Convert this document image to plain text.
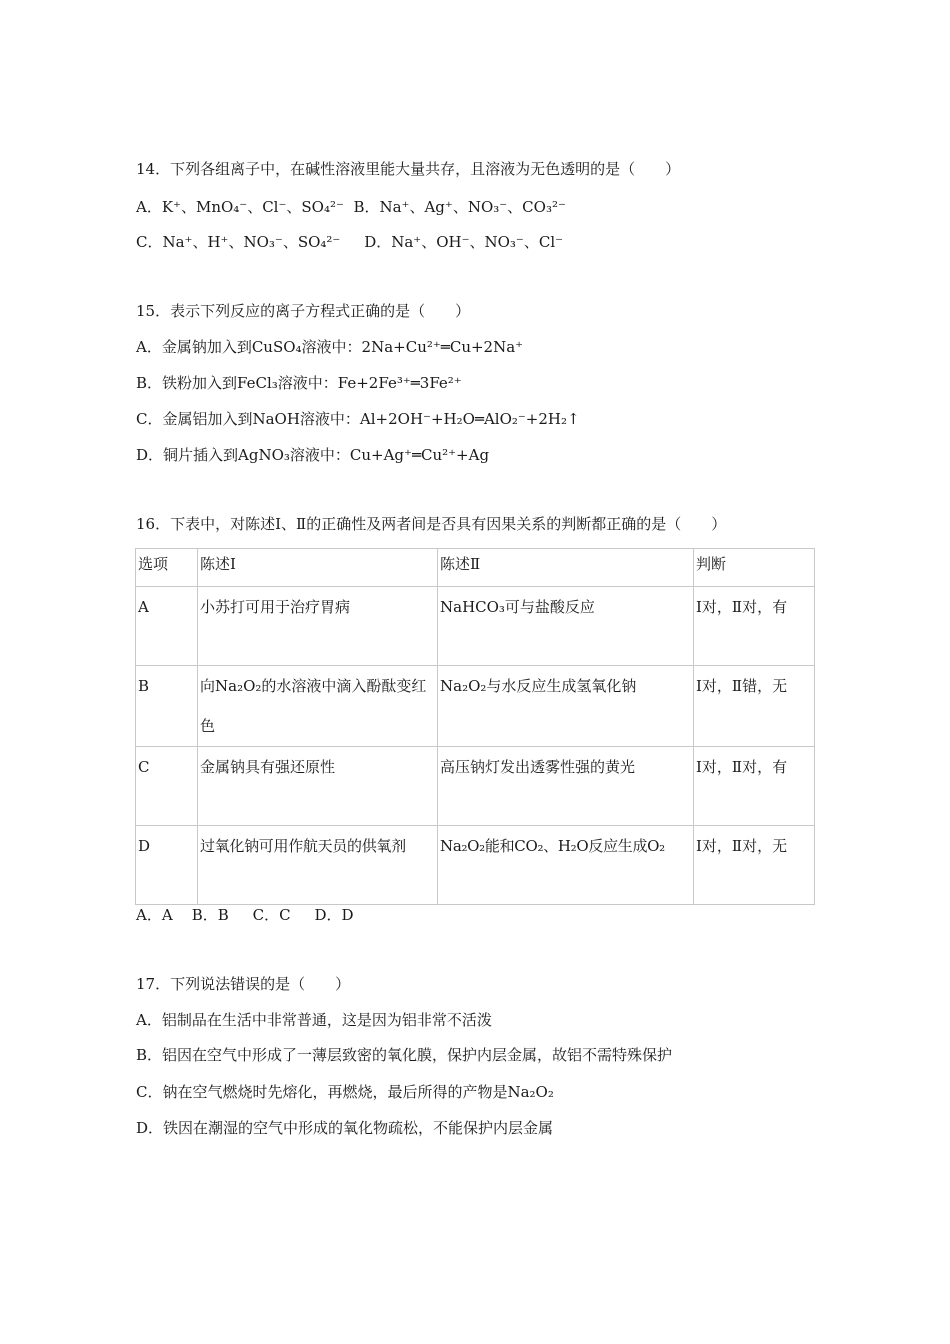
14．下列各组离子中，在碱性溶液里能大量共存，且溶液为无色透明的是（　　）
A．K⁺、MnO₄⁻、Cl⁻、SO₄²⁻ B．Na⁺、Ag⁺、NO₃⁻、CO₃²⁻
C．Na⁺、H⁺、NO₃⁻、SO₄²⁻ D．Na⁺、OH⁻、NO₃⁻、Cl⁻
15．表示下列反应的离子方程式正确的是（　　）
A．金属钠加入到CuSO₄溶液中：2Na+Cu²⁺═Cu+2Na⁺
B．铁粉加入到FeCl₃溶液中：Fe+2Fe³⁺═3Fe²⁺
C．金属铝加入到NaOH溶液中：Al+2OH⁻+H₂O═AlO₂⁻+2H₂↑
D．铜片插入到AgNO₃溶液中：Cu+Ag⁺═Cu²⁺+Ag
16．下表中，对陈述Ⅰ、Ⅱ的正确性及两者间是否具有因果关系的判断都正确的是（　　）
选项	陈述Ⅰ	陈述Ⅱ	判断
A	小苏打可用于治疗胃病	NaHCO₃可与盐酸反应	Ⅰ对，Ⅱ对，有
B	向Na₂O₂的水溶液中滴入酚酞变红色	Na₂O₂与水反应生成氢氧化钠	Ⅰ对，Ⅱ错，无
C	金属钠具有强还原性	高压钠灯发出透雾性强的黄光	Ⅰ对，Ⅱ对，有
D	过氧化钠可用作航天员的供氧剂	Na₂O₂能和CO₂、H₂O反应生成O₂	Ⅰ对，Ⅱ对，无
A．A B．B C．C D．D
17．下列说法错误的是（　　）
A．铝制品在生活中非常普通，这是因为铝非常不活泼
B．铝因在空气中形成了一薄层致密的氧化膜，保护内层金属，故铝不需特殊保护
C．钠在空气燃烧时先熔化，再燃烧，最后所得的产物是Na₂O₂
D．铁因在潮湿的空气中形成的氧化物疏松，不能保护内层金属
